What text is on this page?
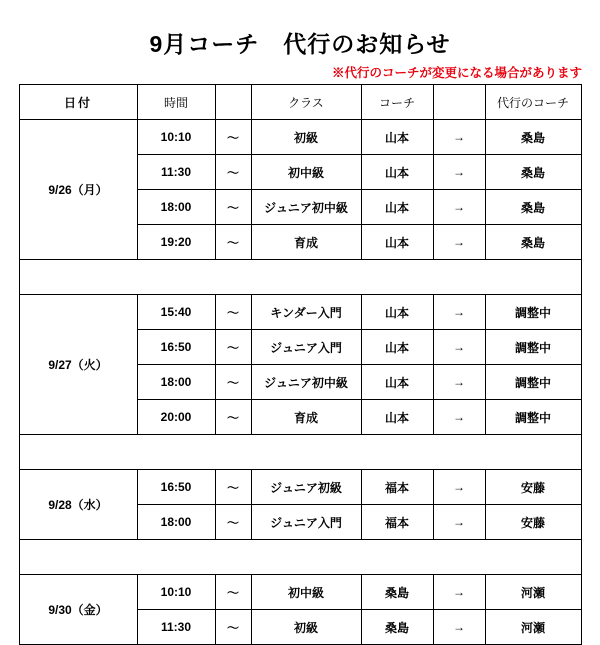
9月コーチ　代行のお知らせ
※代行のコーチが変更になる場合があります
日付	時間		クラス	コーチ		代行のコーチ
9/26（月）	10:10	〜	初級	山本	→	桑島
	11:30	〜	初中級	山本	→	桑島
	18:00	〜	ジュニア初中級	山本	→	桑島
	19:20	〜	育成	山本	→	桑島

9/27（火）	15:40	〜	キンダー入門	山本	→	調整中
	16:50	〜	ジュニア入門	山本	→	調整中
	18:00	〜	ジュニア初中級	山本	→	調整中
	20:00	〜	育成	山本	→	調整中

9/28（水）	16:50	〜	ジュニア初級	福本	→	安藤
	18:00	〜	ジュニア入門	福本	→	安藤

9/30（金）	10:10	〜	初中級	桑島	→	河瀬
	11:30	〜	初級	桑島	→	河瀬
